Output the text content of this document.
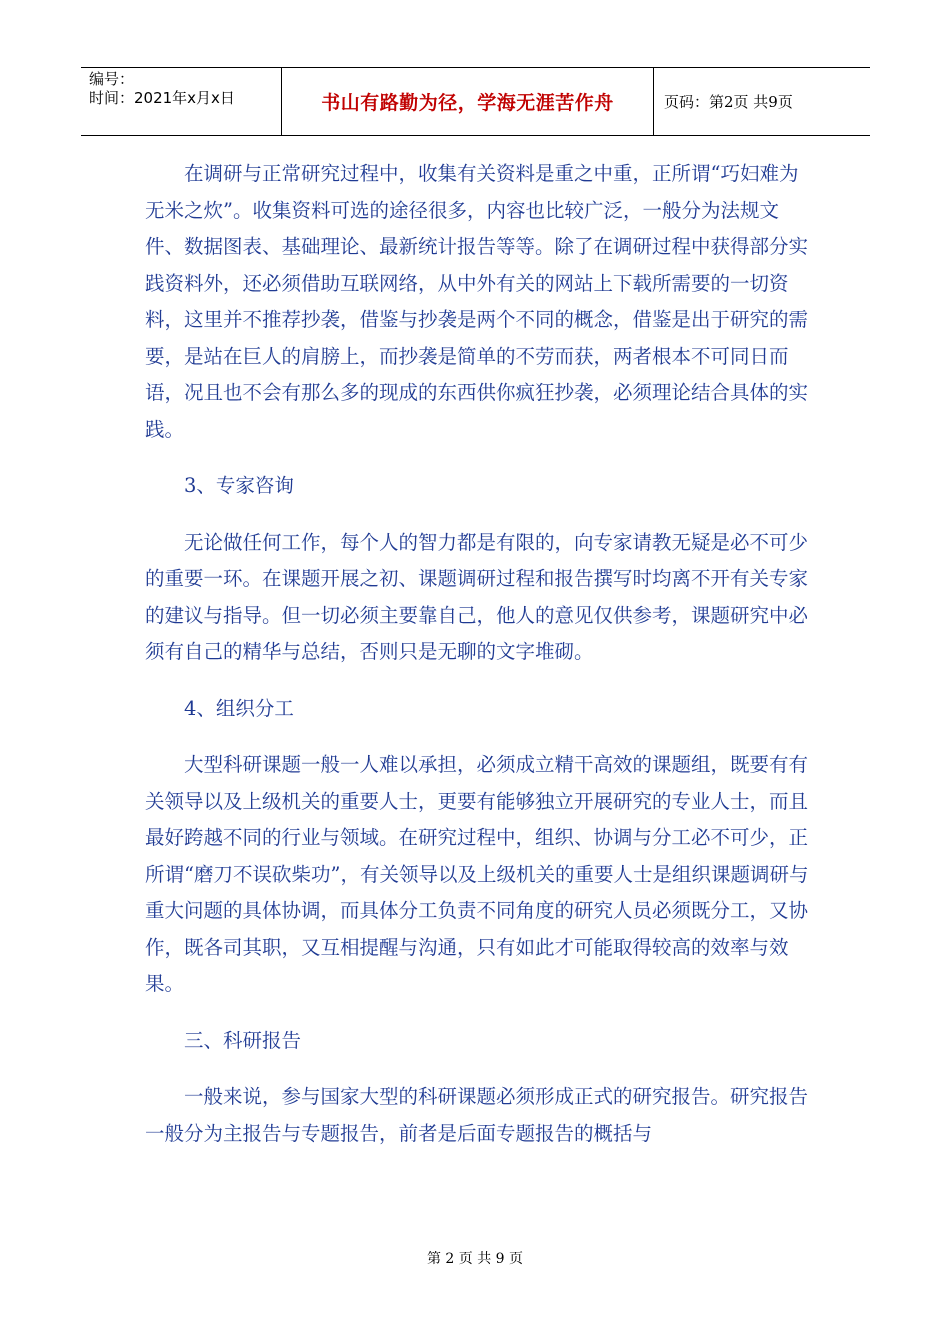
编号：
时间：2021年x月x日	书山有路勤为径，学海无涯苦作舟	页码：第2页 共9页

在调研与正常研究过程中，收集有关资料是重之中重，正所谓“巧妇难为无米之炊”。收集资料可选的途径很多，内容也比较广泛，一般分为法规文件、数据图表、基础理论、最新统计报告等等。除了在调研过程中获得部分实践资料外，还必须借助互联网络，从中外有关的网站上下载所需要的一切资料，这里并不推荐抄袭，借鉴与抄袭是两个不同的概念，借鉴是出于研究的需要，是站在巨人的肩膀上，而抄袭是简单的不劳而获，两者根本不可同日而语，况且也不会有那么多的现成的东西供你疯狂抄袭，必须理论结合具体的实践。

3、专家咨询

无论做任何工作，每个人的智力都是有限的，向专家请教无疑是必不可少的重要一环。在课题开展之初、课题调研过程和报告撰写时均离不开有关专家的建议与指导。但一切必须主要靠自己，他人的意见仅供参考，课题研究中必须有自己的精华与总结，否则只是无聊的文字堆砌。

4、组织分工

大型科研课题一般一人难以承担，必须成立精干高效的课题组，既要有有关领导以及上级机关的重要人士，更要有能够独立开展研究的专业人士，而且最好跨越不同的行业与领域。在研究过程中，组织、协调与分工必不可少，正所谓“磨刀不误砍柴功”，有关领导以及上级机关的重要人士是组织课题调研与重大问题的具体协调，而具体分工负责不同角度的研究人员必须既分工，又协作，既各司其职，又互相提醒与沟通，只有如此才可能取得较高的效率与效果。

三、科研报告

一般来说，参与国家大型的科研课题必须形成正式的研究报告。研究报告一般分为主报告与专题报告，前者是后面专题报告的概括与

第 2 页 共 9 页
